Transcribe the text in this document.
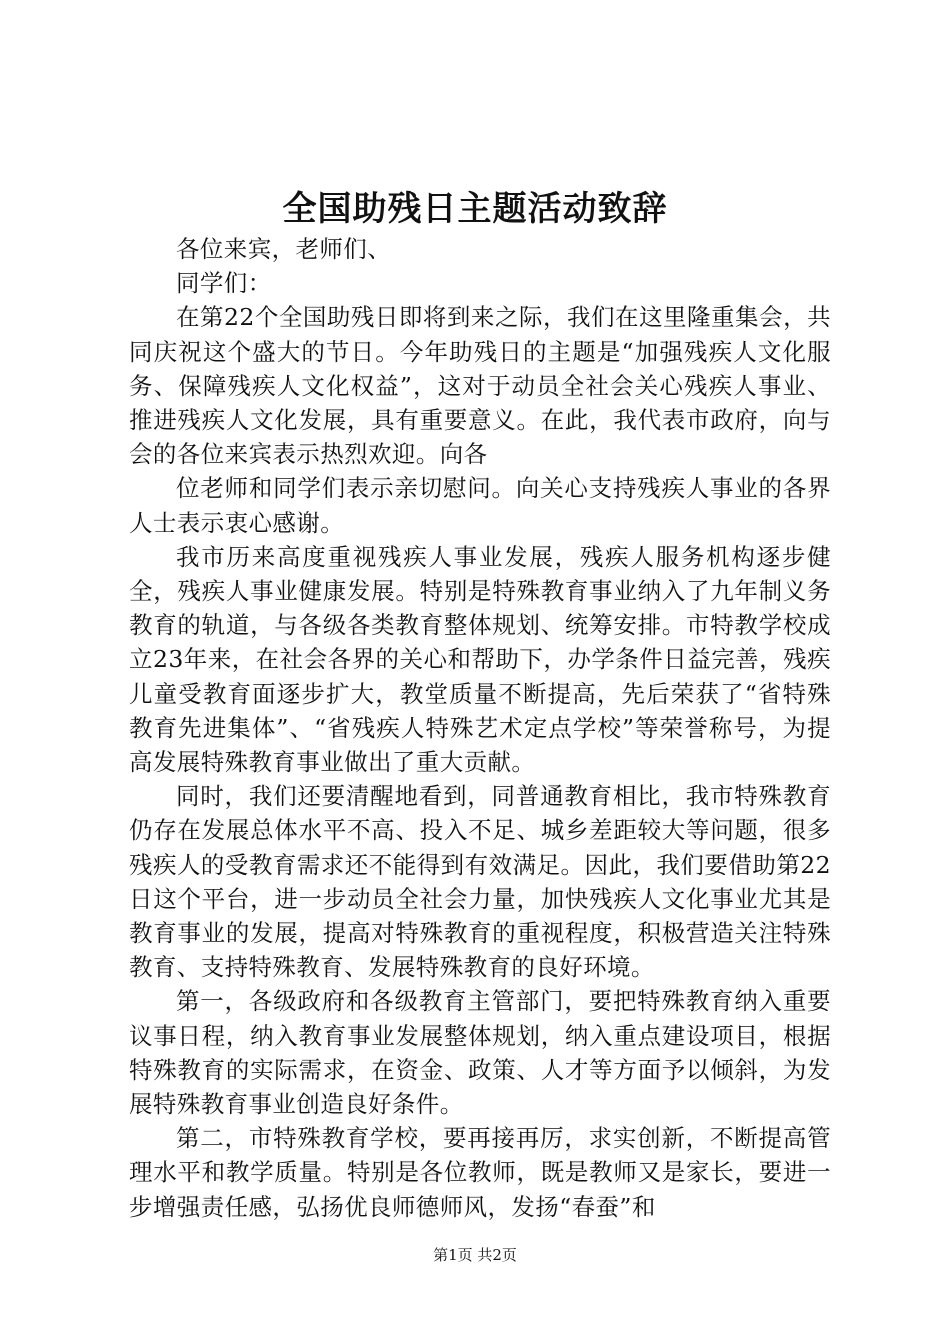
全国助残日主题活动致辞

各位来宾，老师们、

同学们：

在第22个全国助残日即将到来之际，我们在这里隆重集会，共同庆祝这个盛大的节日。今年助残日的主题是“加强残疾人文化服务、保障残疾人文化权益”，这对于动员全社会关心残疾人事业、推进残疾人文化发展，具有重要意义。在此，我代表市政府，向与会的各位来宾表示热烈欢迎。向各

位老师和同学们表示亲切慰问。向关心支持残疾人事业的各界人士表示衷心感谢。

我市历来高度重视残疾人事业发展，残疾人服务机构逐步健全，残疾人事业健康发展。特别是特殊教育事业纳入了九年制义务教育的轨道，与各级各类教育整体规划、统筹安排。市特教学校成立23年来，在社会各界的关心和帮助下，办学条件日益完善，残疾儿童受教育面逐步扩大，教堂质量不断提高，先后荣获了“省特殊教育先进集体”、“省残疾人特殊艺术定点学校”等荣誉称号，为提高发展特殊教育事业做出了重大贡献。

同时，我们还要清醒地看到，同普通教育相比，我市特殊教育仍存在发展总体水平不高、投入不足、城乡差距较大等问题，很多残疾人的受教育需求还不能得到有效满足。因此，我们要借助第22日这个平台，进一步动员全社会力量，加快残疾人文化事业尤其是教育事业的发展，提高对特殊教育的重视程度，积极营造关注特殊教育、支持特殊教育、发展特殊教育的良好环境。

第一，各级政府和各级教育主管部门，要把特殊教育纳入重要议事日程，纳入教育事业发展整体规划，纳入重点建设项目，根据特殊教育的实际需求，在资金、政策、人才等方面予以倾斜，为发展特殊教育事业创造良好条件。

第二，市特殊教育学校，要再接再厉，求实创新，不断提高管理水平和教学质量。特别是各位教师，既是教师又是家长，要进一步增强责任感，弘扬优良师德师风，发扬“春蚕”和

第1页 共2页
